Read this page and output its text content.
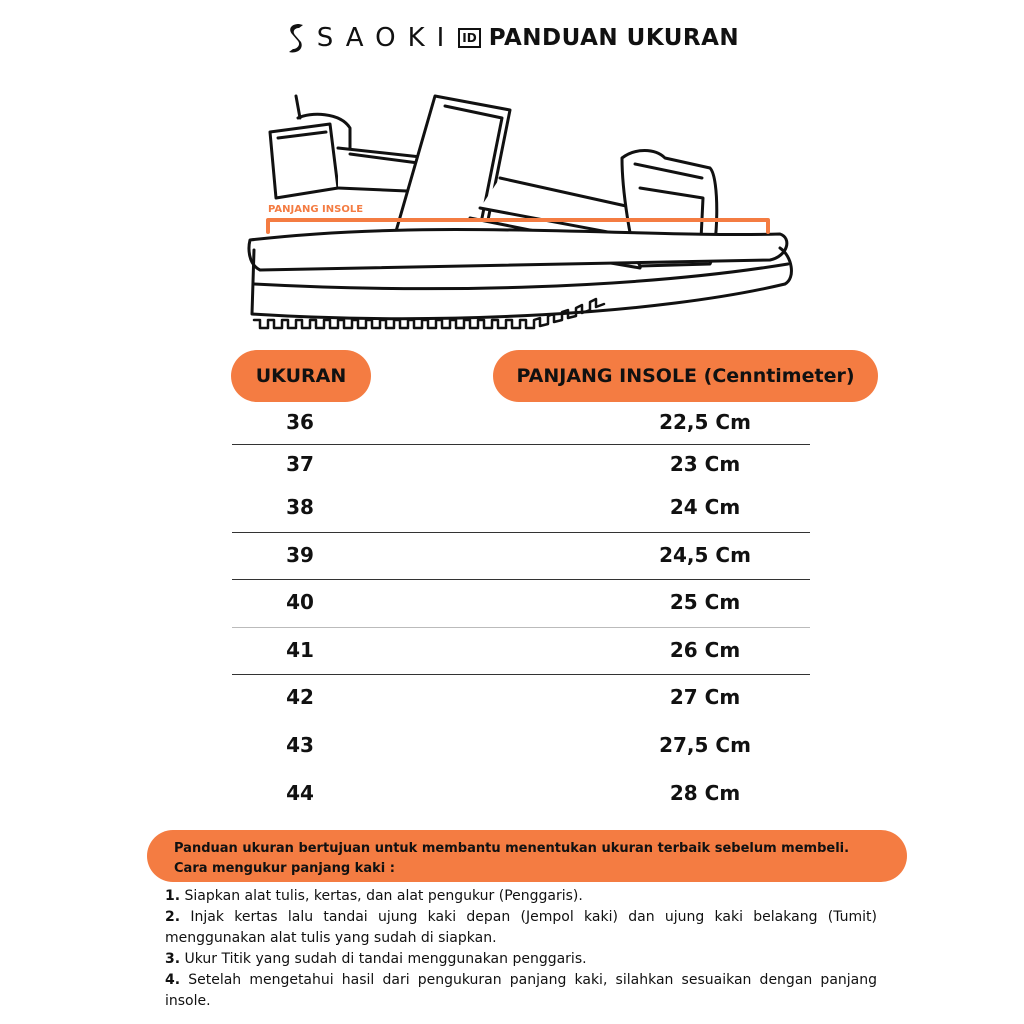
SAOKI ID PANDUAN UKURAN
PANJANG INSOLE
UKURAN	PANJANG INSOLE (Cenntimeter)
36	22,5 Cm
37	23 Cm
38	24 Cm
39	24,5 Cm
40	25 Cm
41	26 Cm
42	27 Cm
43	27,5 Cm
44	28 Cm
Panduan ukuran bertujuan untuk membantu menentukan ukuran terbaik sebelum membeli.
Cara mengukur panjang kaki :

1. Siapkan alat tulis, kertas, dan alat pengukur (Penggaris).

2. Injak kertas lalu tandai ujung kaki depan (Jempol kaki) dan ujung kaki belakang (Tumit) menggunakan alat tulis yang sudah di siapkan.

3. Ukur Titik yang sudah di tandai menggunakan penggaris.

4. Setelah mengetahui hasil dari pengukuran panjang kaki, silahkan sesuaikan dengan panjang insole.
